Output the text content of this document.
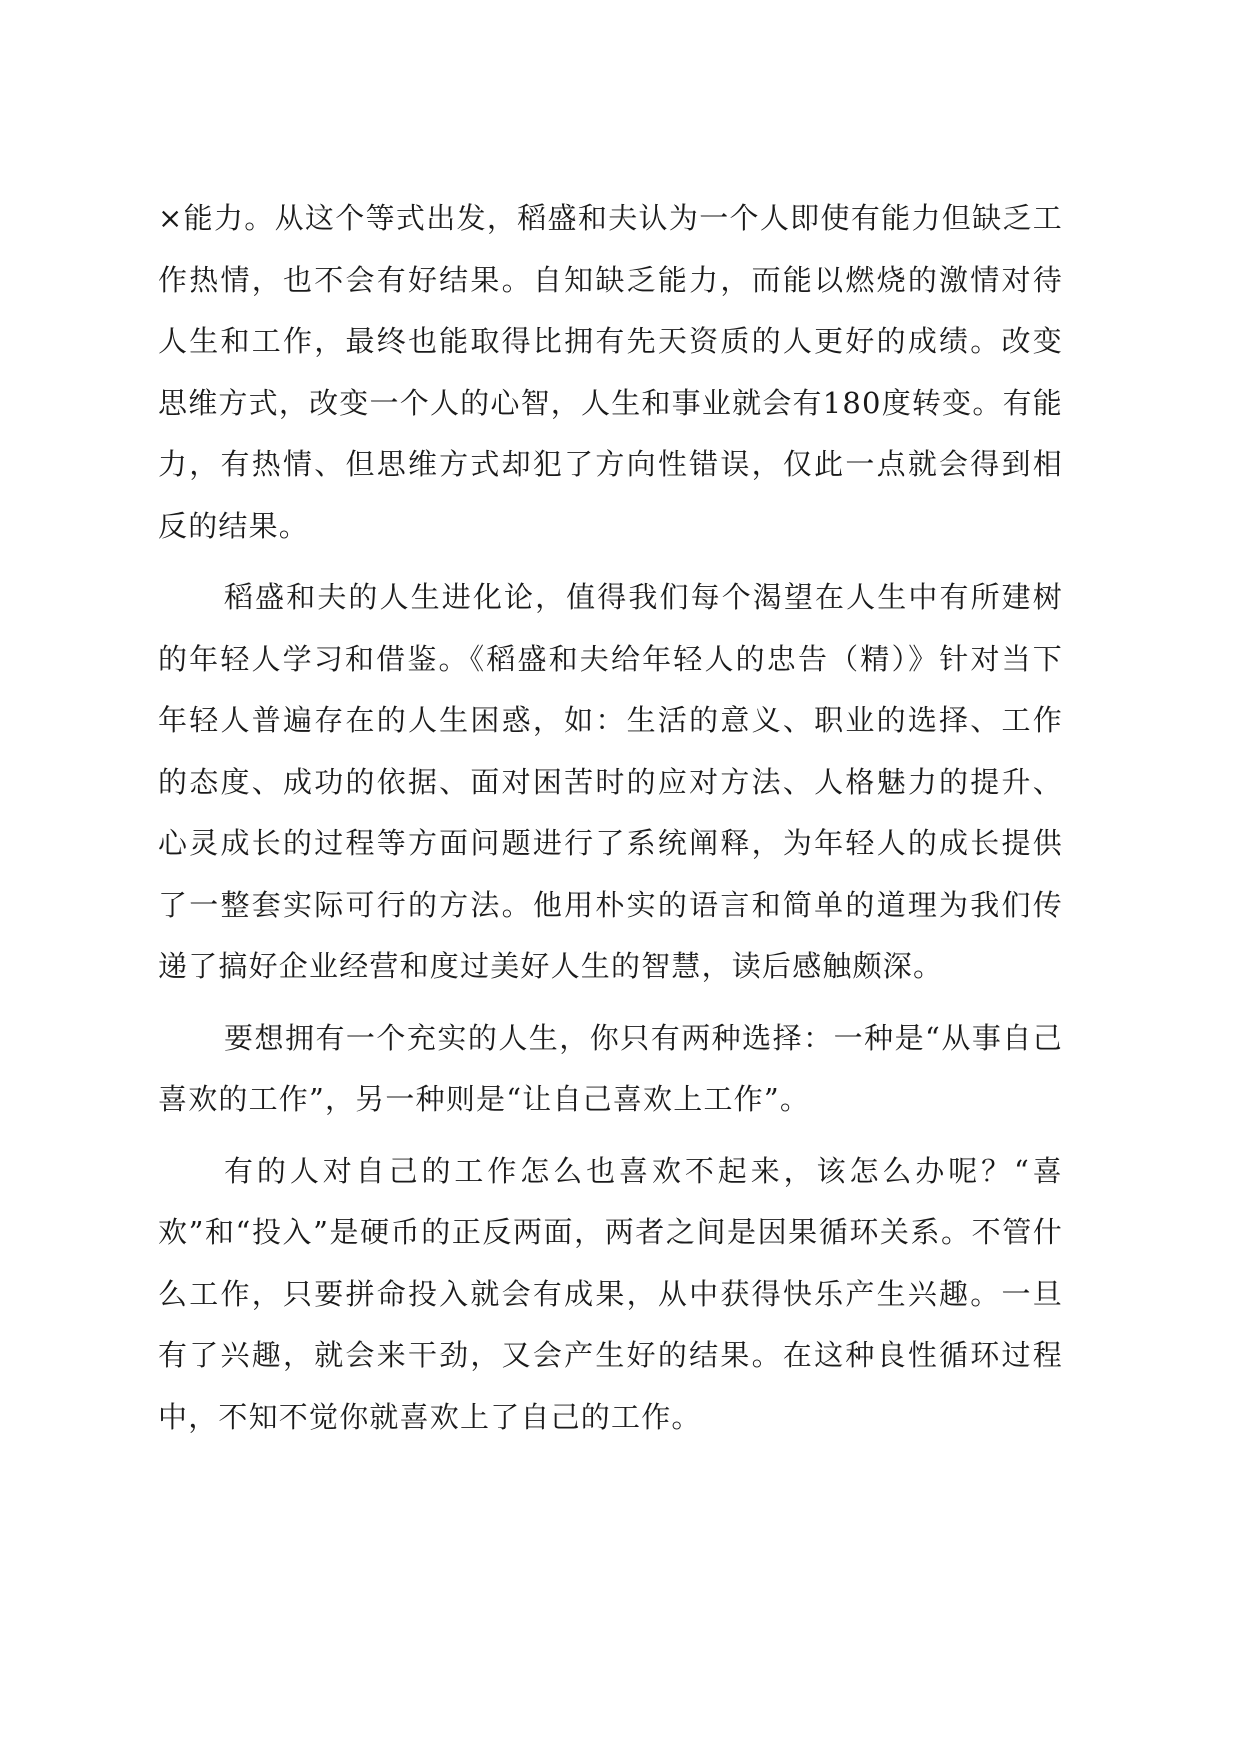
×能力。从这个等式出发，稻盛和夫认为一个人即使有能力但缺乏工作热情，也不会有好结果。自知缺乏能力，而能以燃烧的激情对待人生和工作，最终也能取得比拥有先天资质的人更好的成绩。改变思维方式，改变一个人的心智，人生和事业就会有180度转变。有能力，有热情、但思维方式却犯了方向性错误，仅此一点就会得到相反的结果。

稻盛和夫的人生进化论，值得我们每个渴望在人生中有所建树的年轻人学习和借鉴。《稻盛和夫给年轻人的忠告（精）》针对当下年轻人普遍存在的人生困惑，如：生活的意义、职业的选择、工作的态度、成功的依据、面对困苦时的应对方法、人格魅力的提升、心灵成长的过程等方面问题进行了系统阐释，为年轻人的成长提供了一整套实际可行的方法。他用朴实的语言和简单的道理为我们传递了搞好企业经营和度过美好人生的智慧，读后感触颇深。

要想拥有一个充实的人生，你只有两种选择：一种是“从事自己喜欢的工作”，另一种则是“让自己喜欢上工作”。

有的人对自己的工作怎么也喜欢不起来，该怎么办呢？“喜欢”和“投入”是硬币的正反两面，两者之间是因果循环关系。不管什么工作，只要拼命投入就会有成果，从中获得快乐产生兴趣。一旦有了兴趣，就会来干劲，又会产生好的结果。在这种良性循环过程中，不知不觉你就喜欢上了自己的工作。
